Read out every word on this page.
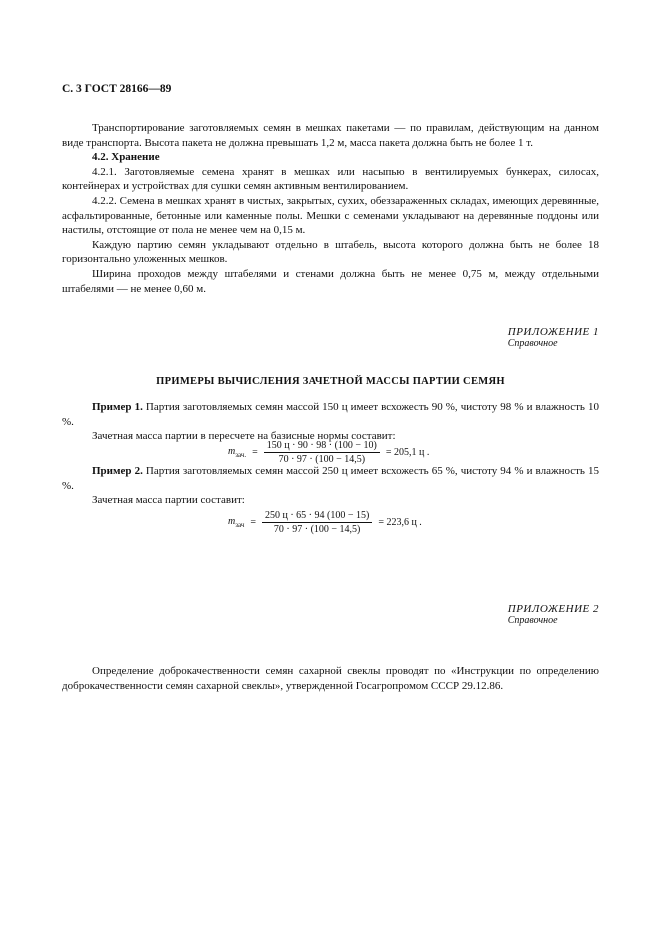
С. 3 ГОСТ 28166—89

Транспортирование заготовляемых семян в мешках пакетами — по правилам, действующим на данном виде транспорта. Высота пакета не должна превышать 1,2 м, масса пакета должна быть не более 1 т.

4.2. Хранение

4.2.1. Заготовляемые семена хранят в мешках или насыпью в вентилируемых бункерах, силосах, контейнерах и устройствах для сушки семян активным вентилированием.

4.2.2. Семена в мешках хранят в чистых, закрытых, сухих, обеззараженных складах, имеющих деревянные, асфальтированные, бетонные или каменные полы. Мешки с семенами укладывают на деревянные поддоны или настилы, отстоящие от пола не менее чем на 0,15 м.

Каждую партию семян укладывают отдельно в штабель, высота которого должна быть не более 18 горизонтально уложенных мешков.

Ширина проходов между штабелями и стенами должна быть не менее 0,75 м, между отдельными штабелями — не менее 0,60 м.

ПРИЛОЖЕНИЕ 1
Справочное
ПРИМЕРЫ ВЫЧИСЛЕНИЯ ЗАЧЕТНОЙ МАССЫ ПАРТИИ СЕМЯН

Пример 1. Партия заготовляемых семян массой 150 ц имеет всхожесть 90 %, чистоту 98 % и влажность 10 %.

Зачетная масса партии в пересчете на базисные нормы составит:

$m_{зач.} = \frac{150 ц \cdot 90 \cdot 98 \cdot (100 - 10)}{70 \cdot 97 \cdot (100 - 14,5)} = 205,1$ ц .

Пример 2. Партия заготовляемых семян массой 250 ц имеет всхожесть 65 %, чистоту 94 % и влажность 15 %.

Зачетная масса партии составит:

$m_{зач} = \frac{250 ц \cdot 65 \cdot 94 (100 - 15)}{70 \cdot 97 \cdot (100 - 14,5)} = 223,6$ ц .
ПРИЛОЖЕНИЕ 2
Справочное

Определение доброкачественности семян сахарной свеклы проводят по «Инструкции по определению доброкачественности семян сахарной свеклы», утвержденной Госагропромом СССР 29.12.86.
